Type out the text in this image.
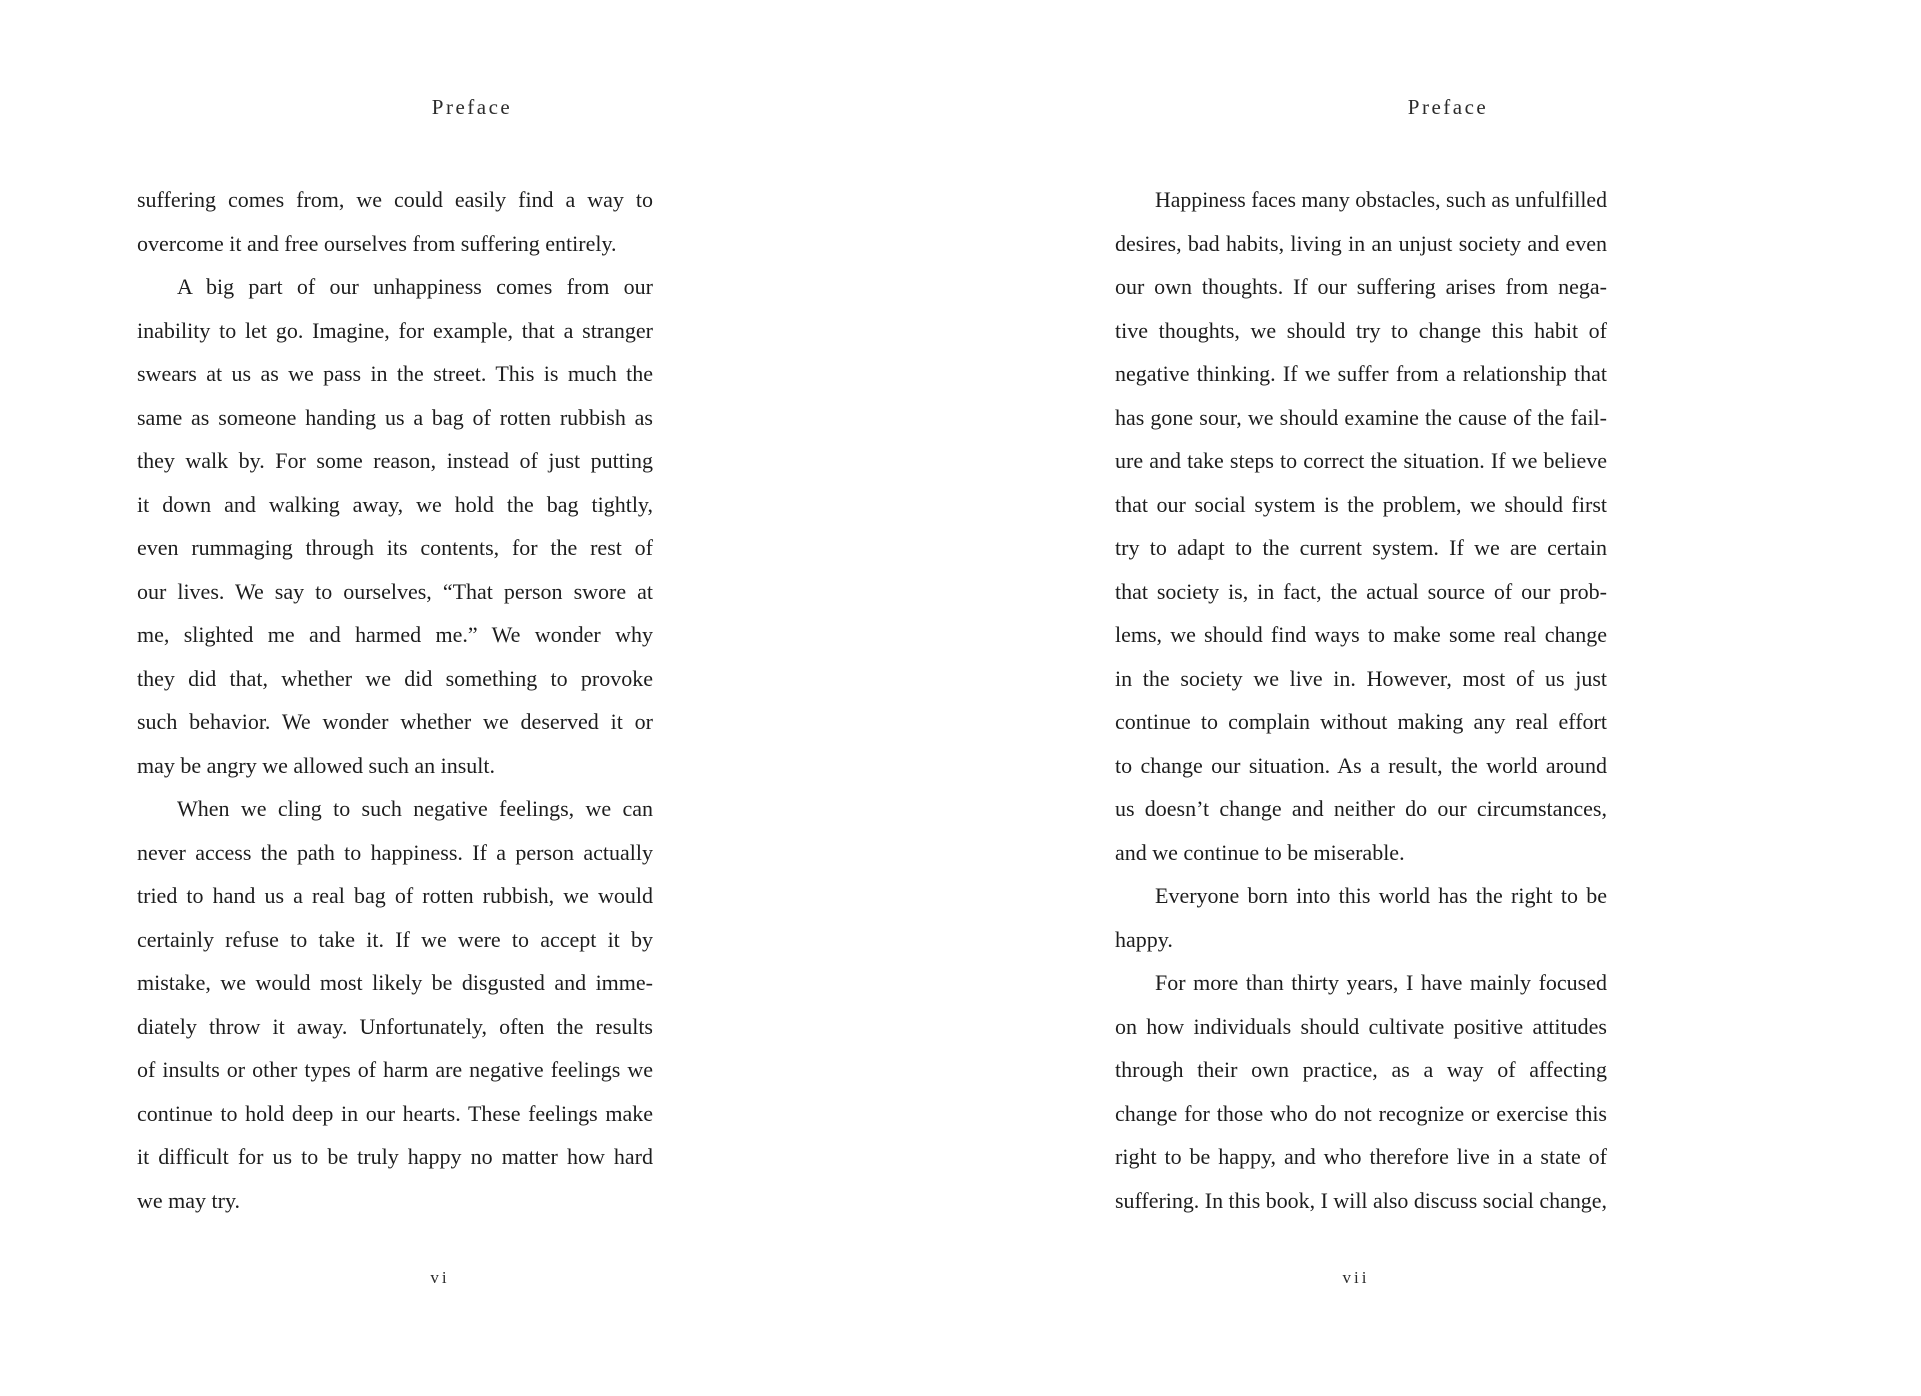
Preface
suffering comes from, we could easily find a way to
overcome it and free ourselves from suffering entirely.
A big part of our unhappiness comes from our
inability to let go. Imagine, for example, that a stranger
swears at us as we pass in the street. This is much the
same as someone handing us a bag of rotten rubbish as
they walk by. For some reason, instead of just putting
it down and walking away, we hold the bag tightly,
even rummaging through its contents, for the rest of
our lives. We say to ourselves, “That person swore at
me, slighted me and harmed me.” We wonder why
they did that, whether we did something to provoke
such behavior. We wonder whether we deserved it or
may be angry we allowed such an insult.
When we cling to such negative feelings, we can
never access the path to happiness. If a person actually
tried to hand us a real bag of rotten rubbish, we would
certainly refuse to take it. If we were to accept it by
mistake, we would most likely be disgusted and imme-
diately throw it away. Unfortunately, often the results
of insults or other types of harm are negative feelings we
continue to hold deep in our hearts. These feelings make
it difficult for us to be truly happy no matter how hard
we may try.
vi
Preface
Happiness faces many obstacles, such as unfulfilled
desires, bad habits, living in an unjust society and even
our own thoughts. If our suffering arises from nega-
tive thoughts, we should try to change this habit of
negative thinking. If we suffer from a relationship that
has gone sour, we should examine the cause of the fail-
ure and take steps to correct the situation. If we believe
that our social system is the problem, we should first
try to adapt to the current system. If we are certain
that society is, in fact, the actual source of our prob-
lems, we should find ways to make some real change
in the society we live in. However, most of us just
continue to complain without making any real effort
to change our situation. As a result, the world around
us doesn’t change and neither do our circumstances,
and we continue to be miserable.
Everyone born into this world has the right to be
happy.
For more than thirty years, I have mainly focused
on how individuals should cultivate positive attitudes
through their own practice, as a way of affecting
change for those who do not recognize or exercise this
right to be happy, and who therefore live in a state of
suffering. In this book, I will also discuss social change,
vii
